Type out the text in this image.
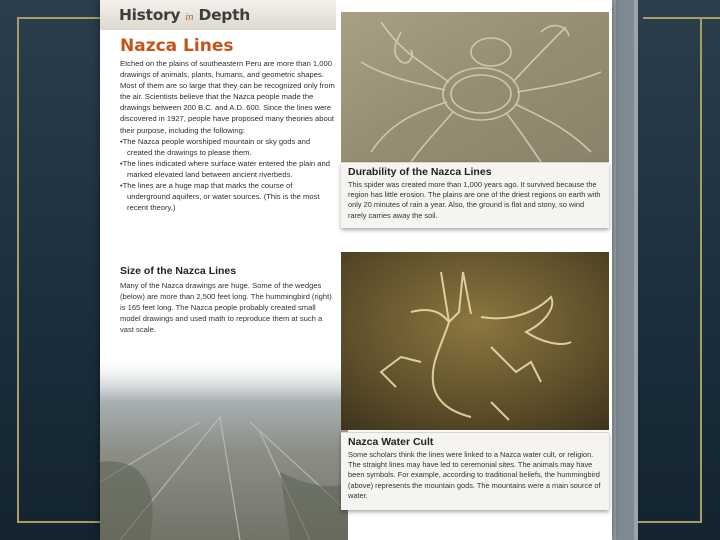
History in Depth
Nazca Lines

Etched on the plains of southeastern Peru are more than 1,000 drawings of animals, plants, humans, and geometric shapes. Most of them are so large that they can be recognized only from the air. Scientists believe that the Nazca people made the drawings between 200 B.C. and A.D. 600. Since the lines were discovered in 1927, people have proposed many theories about their purpose, including the following:

• The Nazca people worshiped mountain or sky gods and created the drawings to please them.
• The lines indicated where surface water entered the plain and marked elevated land between ancient riverbeds.
• The lines are a huge map that marks the course of underground aquifers, or water sources. (This is the most recent theory.)

Durability of the Nazca Lines

This spider was created more than 1,000 years ago. It survived because the region has little erosion. The plains are one of the driest regions on earth with only 20 minutes of rain a year. Also, the ground is flat and stony, so wind rarely carries away the soil.

Size of the Nazca Lines

Many of the Nazca drawings are huge. Some of the wedges (below) are more than 2,500 feet long. The hummingbird (right) is 165 feet long. The Nazca people probably created small model drawings and used math to reproduce them at such a vast scale.

Nazca Water Cult

Some scholars think the lines were linked to a Nazca water cult, or religion. The straight lines may have led to ceremonial sites. The animals may have been symbols. For example, according to traditional beliefs, the hummingbird (above) represents the mountain gods. The mountains were a main source of water.
